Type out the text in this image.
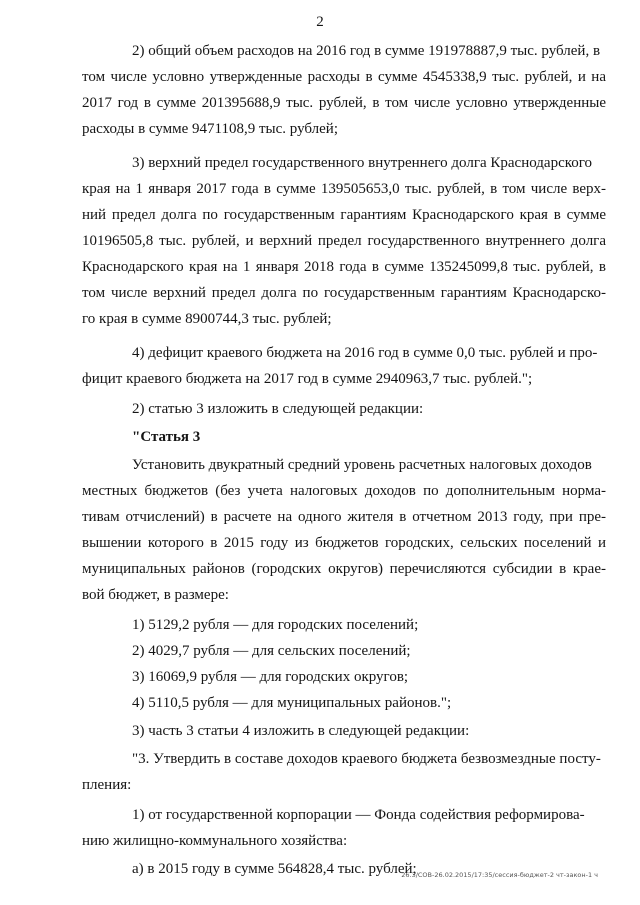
2
2) общий объем расходов на 2016 год в сумме 191978887,9 тыс. рублей, в
том числе условно утвержденные расходы в сумме 4545338,9 тыс. рублей, и на
2017 год в сумме 201395688,9 тыс. рублей, в том числе условно утвержденные
расходы в сумме 9471108,9 тыс. рублей;
3) верхний предел государственного внутреннего долга Краснодарского
края на 1 января 2017 года в сумме 139505653,0 тыс. рублей, в том числе верх-
ний предел долга по государственным гарантиям Краснодарского края в сумме
10196505,8 тыс. рублей, и верхний предел государственного внутреннего долга
Краснодарского края на 1 января 2018 года в сумме 135245099,8 тыс. рублей, в
том числе верхний предел долга по государственным гарантиям Краснодарско-
го края в сумме 8900744,3 тыс. рублей;
4) дефицит краевого бюджета на 2016 год в сумме 0,0 тыс. рублей и про-
фицит краевого бюджета на 2017 год в сумме 2940963,7 тыс. рублей.";
2) статью 3 изложить в следующей редакции:
"Статья 3
Установить двукратный средний уровень расчетных налоговых доходов
местных бюджетов (без учета налоговых доходов по дополнительным норма-
тивам отчислений) в расчете на одного жителя в отчетном 2013 году, при пре-
вышении которого в 2015 году из бюджетов городских, сельских поселений и
муниципальных районов (городских округов) перечисляются субсидии в крае-
вой бюджет, в размере:
1) 5129,2 рубля — для городских поселений;
2) 4029,7 рубля — для сельских поселений;
3) 16069,9 рубля — для городских округов;
4) 5110,5 рубля — для муниципальных районов.";
3) часть 3 статьи 4 изложить в следующей редакции:
"3. Утвердить в составе доходов краевого бюджета безвозмездные посту-
пления:
1) от государственной корпорации — Фонда содействия реформирова-
нию жилищно-коммунального хозяйства:
а) в 2015 году в сумме 564828,4 тыс. рублей;
26.3/СОВ-26.02.2015/17:35/сессия-бюджет-2 чт-закон-1 ч
